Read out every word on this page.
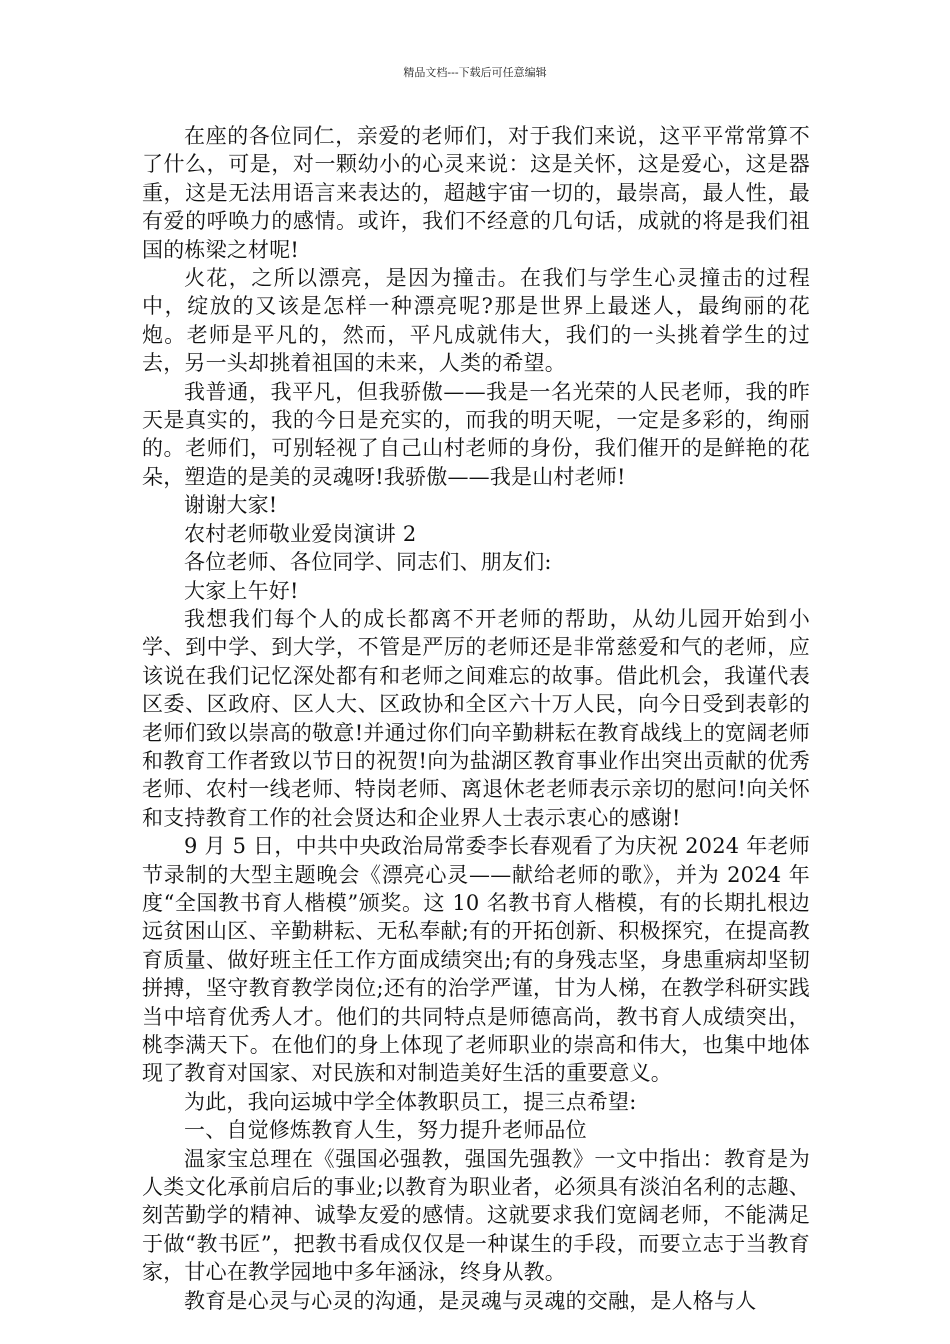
精品文档---下载后可任意编辑

在座的各位同仁，亲爱的老师们，对于我们来说，这平平常常算不了什么，可是，对一颗幼小的心灵来说：这是关怀，这是爱心，这是器重，这是无法用语言来表达的，超越宇宙一切的，最崇高，最人性，最有爱的呼唤力的感情。或许，我们不经意的几句话，成就的将是我们祖国的栋梁之材呢!

火花，之所以漂亮，是因为撞击。在我们与学生心灵撞击的过程中，绽放的又该是怎样一种漂亮呢?那是世界上最迷人，最绚丽的花炮。老师是平凡的，然而，平凡成就伟大，我们的一头挑着学生的过去，另一头却挑着祖国的未来，人类的希望。

我普通，我平凡，但我骄傲——我是一名光荣的人民老师，我的昨天是真实的，我的今日是充实的，而我的明天呢，一定是多彩的，绚丽的。老师们，可别轻视了自己山村老师的身份，我们催开的是鲜艳的花朵，塑造的是美的灵魂呀!我骄傲——我是山村老师!

谢谢大家!

农村老师敬业爱岗演讲 2

各位老师、各位同学、同志们、朋友们:

大家上午好!

我想我们每个人的成长都离不开老师的帮助，从幼儿园开始到小学、到中学、到大学，不管是严厉的老师还是非常慈爱和气的老师，应该说在我们记忆深处都有和老师之间难忘的故事。借此机会，我谨代表区委、区政府、区人大、区政协和全区六十万人民，向今日受到表彰的老师们致以崇高的敬意!并通过你们向辛勤耕耘在教育战线上的宽阔老师和教育工作者致以节日的祝贺!向为盐湖区教育事业作出突出贡献的优秀老师、农村一线老师、特岗老师、离退休老老师表示亲切的慰问!向关怀和支持教育工作的社会贤达和企业界人士表示衷心的感谢!

9 月 5 日，中共中央政治局常委李长春观看了为庆祝 2024 年老师节录制的大型主题晚会《漂亮心灵——献给老师的歌》，并为 2024 年度“全国教书育人楷模”颁奖。这 10 名教书育人楷模，有的长期扎根边远贫困山区、辛勤耕耘、无私奉献;有的开拓创新、积极探究，在提高教育质量、做好班主任工作方面成绩突出;有的身残志坚，身患重病却坚韧拼搏，坚守教育教学岗位;还有的治学严谨，甘为人梯，在教学科研实践当中培育优秀人才。他们的共同特点是师德高尚，教书育人成绩突出，桃李满天下。在他们的身上体现了老师职业的崇高和伟大，也集中地体现了教育对国家、对民族和对制造美好生活的重要意义。

为此，我向运城中学全体教职员工，提三点希望:

一、自觉修炼教育人生，努力提升老师品位

温家宝总理在《强国必强教，强国先强教》一文中指出：教育是为人类文化承前启后的事业;以教育为职业者，必须具有淡泊名利的志趣、刻苦勤学的精神、诚挚友爱的感情。这就要求我们宽阔老师，不能满足于做“教书匠”，把教书看成仅仅是一种谋生的手段，而要立志于当教育家，甘心在教学园地中多年涵泳，终身从教。

教育是心灵与心灵的沟通，是灵魂与灵魂的交融，是人格与人
